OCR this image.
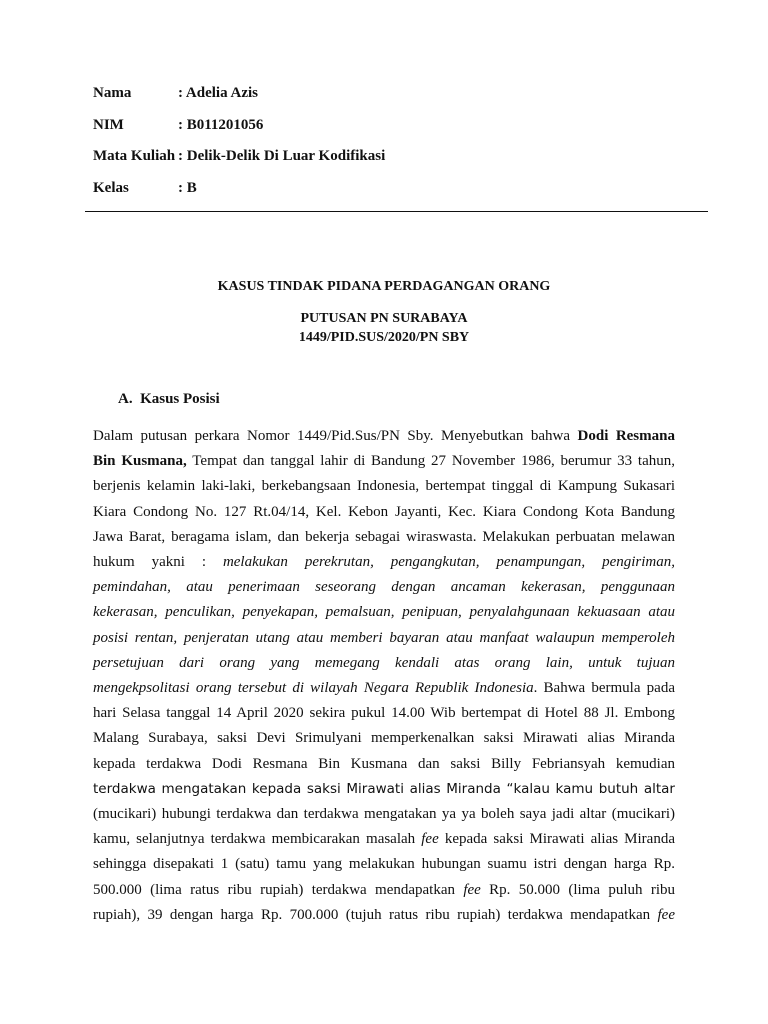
Nama	: Adelia Azis
NIM	: B011201056
Mata Kuliah : Delik-Delik Di Luar Kodifikasi
Kelas	: B
KASUS TINDAK PIDANA PERDAGANGAN ORANG
PUTUSAN PN SURABAYA
1449/PID.SUS/2020/PN SBY
A.  Kasus Posisi
Dalam putusan perkara Nomor 1449/Pid.Sus/PN Sby. Menyebutkan bahwa Dodi Resmana
Bin Kusmana, Tempat dan tanggal lahir di Bandung 27 November 1986, berumur 33 tahun,
berjenis kelamin laki-laki, berkebangsaan Indonesia, bertempat tinggal di Kampung Sukasari
Kiara Condong No. 127 Rt.04/14, Kel. Kebon Jayanti, Kec. Kiara Condong Kota Bandung
Jawa Barat, beragama islam, dan bekerja sebagai wiraswasta. Melakukan perbuatan melawan
hukum yakni : melakukan perekrutan, pengangkutan, penampungan, pengiriman,
pemindahan, atau penerimaan seseorang dengan ancaman kekerasan, penggunaan
kekerasan, penculikan, penyekapan, pemalsuan, penipuan, penyalahgunaan kekuasaan atau
posisi rentan, penjeratan utang atau memberi bayaran atau manfaat walaupun memperoleh
persetujuan dari orang yang memegang kendali atas orang lain, untuk tujuan
mengekpsolitasi orang tersebut di wilayah Negara Republik Indonesia. Bahwa bermula pada
hari Selasa tanggal 14 April 2020 sekira pukul 14.00 Wib bertempat di Hotel 88 Jl. Embong
Malang Surabaya, saksi Devi Srimulyani memperkenalkan saksi Mirawati alias Miranda
kepada terdakwa Dodi Resmana Bin Kusmana dan saksi Billy Febriansyah kemudian
terdakwa mengatakan kepada saksi Mirawati alias Miranda “kalau kamu butuh altar
(mucikari) hubungi terdakwa dan terdakwa mengatakan ya ya boleh saya jadi altar (mucikari)
kamu, selanjutnya terdakwa membicarakan masalah fee kepada saksi Mirawati alias Miranda
sehingga disepakati 1 (satu) tamu yang melakukan hubungan suamu istri dengan harga Rp.
500.000 (lima ratus ribu rupiah) terdakwa mendapatkan fee Rp. 50.000 (lima puluh ribu
rupiah), 39 dengan harga Rp. 700.000 (tujuh ratus ribu rupiah) terdakwa mendapatkan fee
